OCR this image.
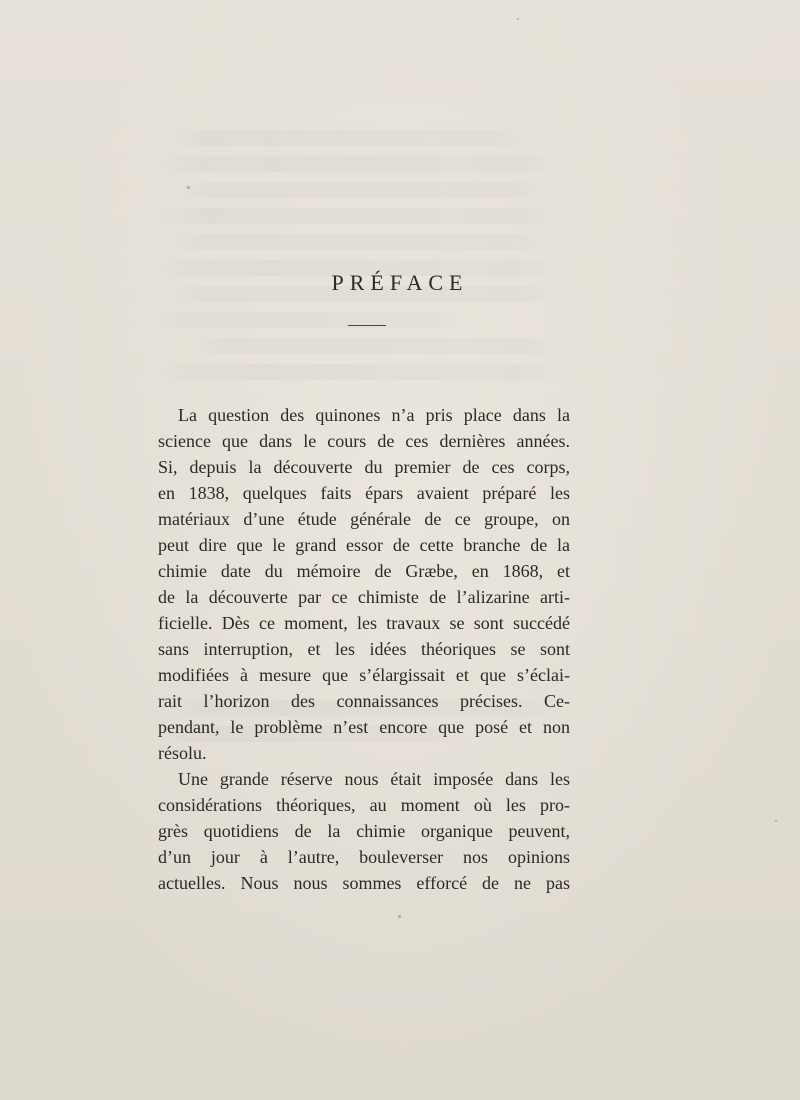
PRÉFACE
La question des quinones n’a pris place dans la
science que dans le cours de ces dernières années.
Si, depuis la découverte du premier de ces corps,
en 1838, quelques faits épars avaient préparé les
matériaux d’une étude générale de ce groupe, on
peut dire que le grand essor de cette branche de la
chimie date du mémoire de Græbe, en 1868, et
de la découverte par ce chimiste de l’alizarine arti-
ficielle. Dès ce moment, les travaux se sont succédé
sans interruption, et les idées théoriques se sont
modifiées à mesure que s’élargissait et que s’éclai-
rait l’horizon des connaissances précises. Ce-
pendant, le problème n’est encore que posé et non
résolu.
Une grande réserve nous était imposée dans les
considérations théoriques, au moment où les pro-
grès quotidiens de la chimie organique peuvent,
d’un jour à l’autre, bouleverser nos opinions
actuelles. Nous nous sommes efforcé de ne pas
